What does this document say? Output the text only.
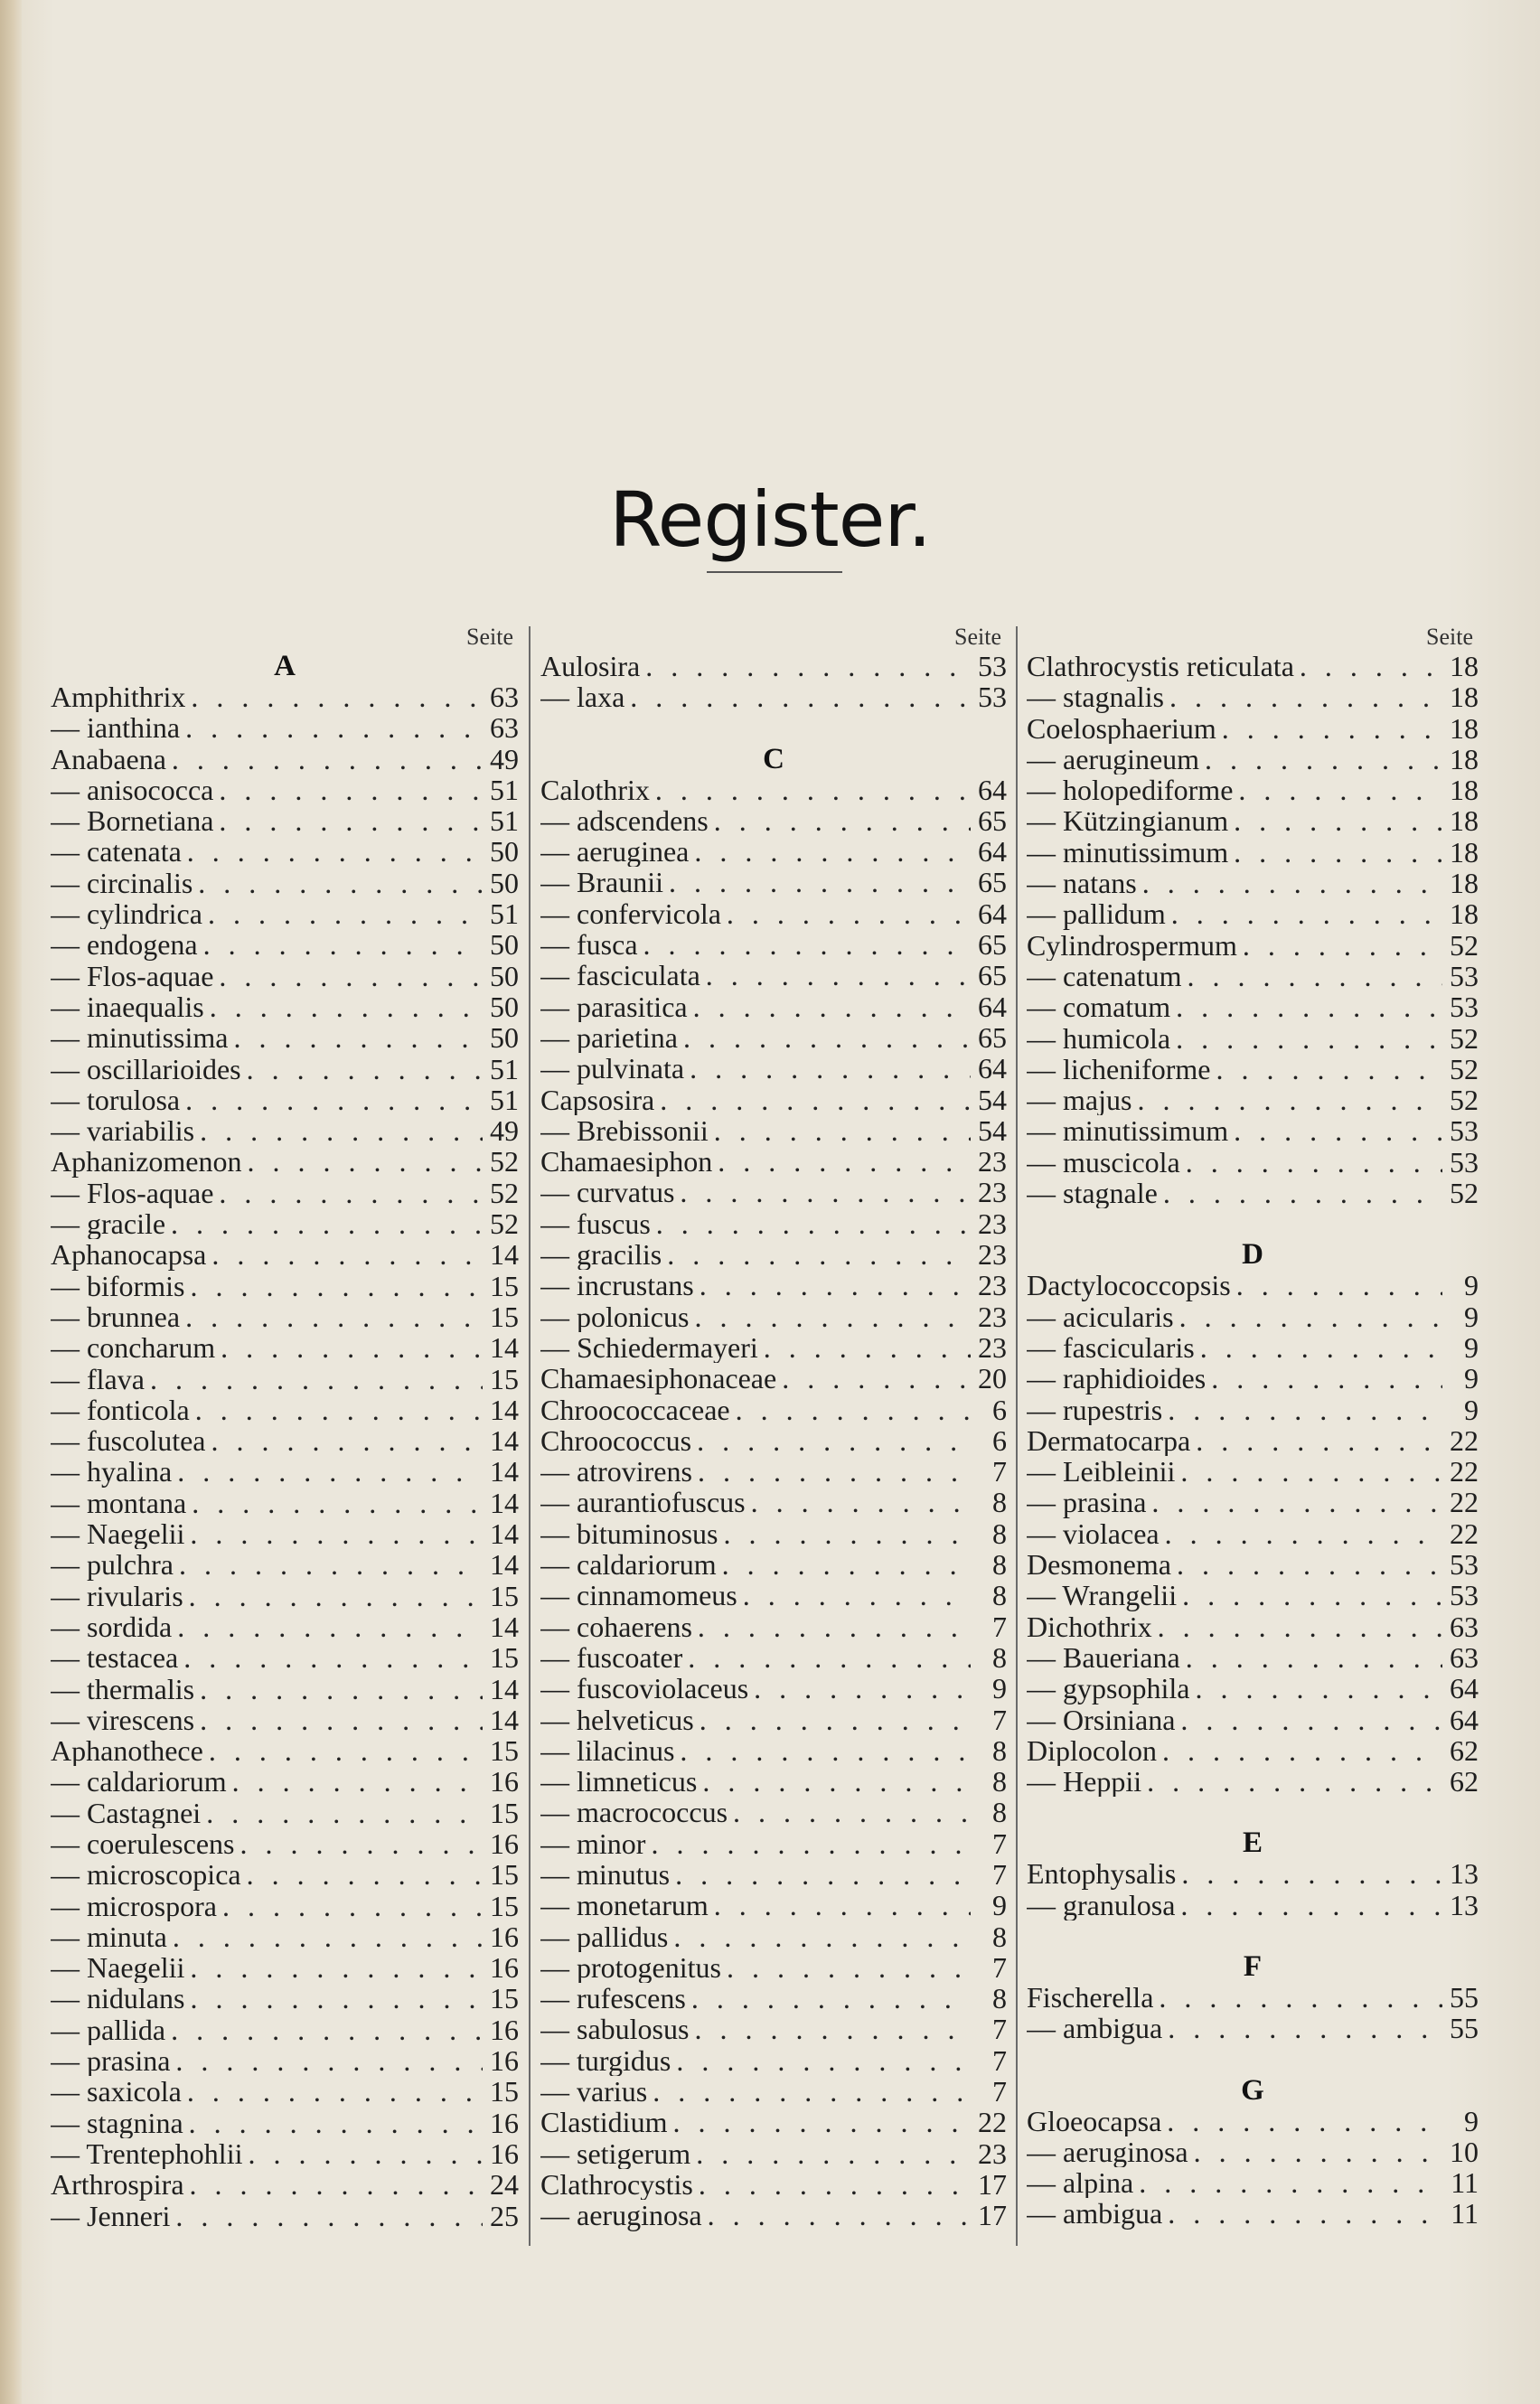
Register.
Seite
A
Amphithrix . . .	63
— ianthina . . .	63
Anabaena . . .	49
— anisococca . . .	51
— Bornetiana . . .	51
— catenata . . .	50
— circinalis . . .	50
— cylindrica . . .	51
— endogena . . .	50
— Flos-aquae . . .	50
— inaequalis . . .	50
— minutissima . . .	50
— oscillarioides . . .	51
— torulosa . . .	51
— variabilis . . .	49
Aphanizomenon . . .	52
— Flos-aquae . . .	52
— gracile . . .	52
Aphanocapsa . . .	14
— biformis . . .	15
— brunnea . . .	15
— concharum . . .	14
— flava . . .	15
— fonticola . . .	14
— fuscolutea . . .	14
— hyalina . . .	14
— montana . . .	14
— Naegelii . . .	14
— pulchra . . .	14
— rivularis . . .	15
— sordida . . .	14
— testacea . . .	15
— thermalis . . .	14
— virescens . . .	14
Aphanothece . . .	15
— caldariorum . . .	16
— Castagnei . . .	15
— coerulescens . . .	16
— microscopica . . .	15
— microspora . . .	15
— minuta . . .	16
— Naegelii . . .	16
— nidulans . . .	15
— pallida . . .	16
— prasina . . .	16
— saxicola . . .	15
— stagnina . . .	16
— Trentephohlii . . .	16
Arthrospira . . .	24
— Jenneri . . .	25
Seite
Aulosira . . .	53
— laxa . . .	53
C
Calothrix . . .	64
— adscendens . . .	65
— aeruginea . . .	64
— Braunii . . .	65
— confervicola . . .	64
— fusca . . .	65
— fasciculata . . .	65
— parasitica . . .	64
— parietina . . .	65
— pulvinata . . .	64
Capsosira . . .	54
— Brebissonii . . .	54
Chamaesiphon . . .	23
— curvatus . . .	23
— fuscus . . .	23
— gracilis . . .	23
— incrustans . . .	23
— polonicus . . .	23
— Schiedermayeri . . .	23
Chamaesiphonaceae . . .	20
Chroococcaceae . . .	6
Chroococcus . . .	6
— atrovirens . . .	7
— aurantiofuscus . . .	8
— bituminosus . . .	8
— caldariorum . . .	8
— cinnamomeus . . .	8
— cohaerens . . .	7
— fuscoater . . .	8
— fuscoviolaceus . . .	9
— helveticus . . .	7
— lilacinus . . .	8
— limneticus . . .	8
— macrococcus . . .	8
— minor . . .	7
— minutus . . .	7
— monetarum . . .	9
— pallidus . . .	8
— protogenitus . . .	7
— rufescens . . .	8
— sabulosus . . .	7
— turgidus . . .	7
— varius . . .	7
Clastidium . . .	22
— setigerum . . .	23
Clathrocystis . . .	17
— aeruginosa . . .	17
Seite
Clathrocystis reticulata . . .	18
— stagnalis . . .	18
Coelosphaerium . . .	18
— aerugineum . . .	18
— holopediforme . . .	18
— Kützingianum . . .	18
— minutissimum . . .	18
— natans . . .	18
— pallidum . . .	18
Cylindrospermum . . .	52
— catenatum . . .	53
— comatum . . .	53
— humicola . . .	52
— licheniforme . . .	52
— majus . . .	52
— minutissimum . . .	53
— muscicola . . .	53
— stagnale . . .	52
D
Dactylococcopsis . . .	9
— acicularis . . .	9
— fascicularis . . .	9
— raphidioides . . .	9
— rupestris . . .	9
Dermatocarpa . . .	22
— Leibleinii . . .	22
— prasina . . .	22
— violacea . . .	22
Desmonema . . .	53
— Wrangelii . . .	53
Dichothrix . . .	63
— Baueriana . . .	63
— gypsophila . . .	64
— Orsiniana . . .	64
Diplocolon . . .	62
— Heppii . . .	62
E
Entophysalis . . .	13
— granulosa . . .	13
F
Fischerella . . .	55
— ambigua . . .	55
G
Gloeocapsa . . .	9
— aeruginosa . . .	10
— alpina . . .	11
— ambigua . . .	11
